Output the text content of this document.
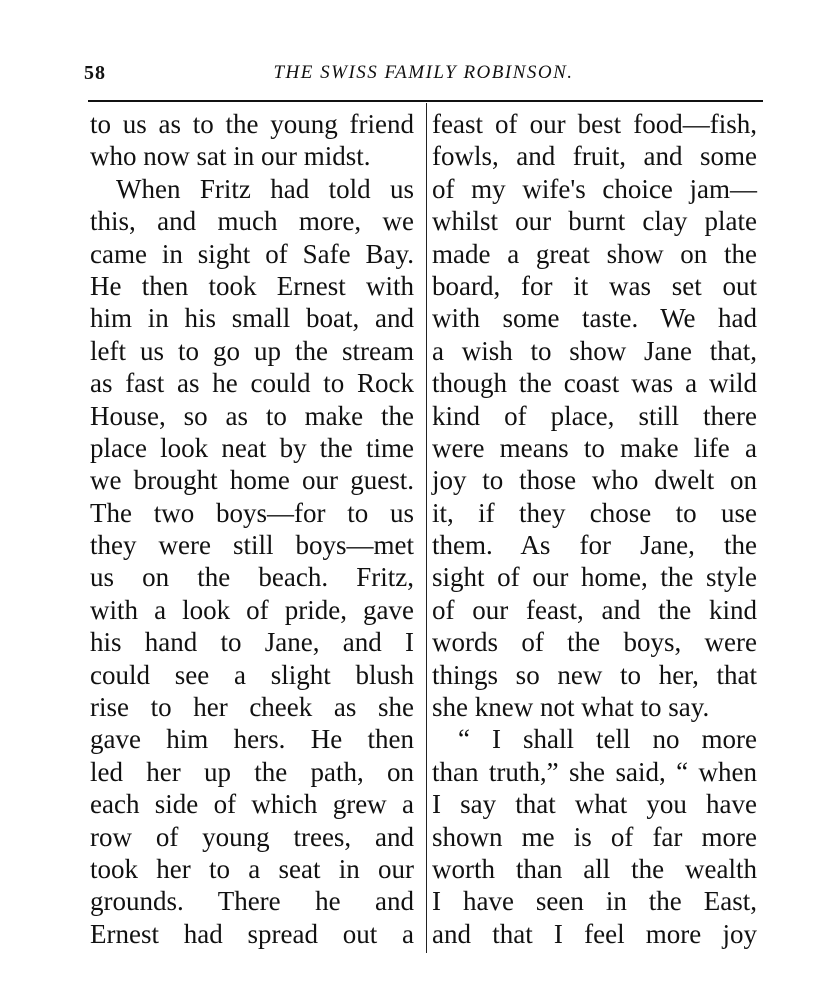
58	THE SWISS FAMILY ROBINSON.
to us as to the young friend
who now sat in our midst.
When Fritz had told us
this, and much more, we
came in sight of Safe Bay.
He then took Ernest with
him in his small boat, and
left us to go up the stream
as fast as he could to Rock
House, so as to make the
place look neat by the time
we brought home our guest.
The two boys—for to us
they were still boys—met
us on the beach. Fritz,
with a look of pride, gave
his hand to Jane, and I
could see a slight blush
rise to her cheek as she
gave him hers. He then
led her up the path, on
each side of which grew a
row of young trees, and
took her to a seat in our
grounds. There he and
Ernest had spread out a
feast of our best food—fish,
fowls, and fruit, and some
of my wife's choice jam—
whilst our burnt clay plate
made a great show on the
board, for it was set out
with some taste. We had
a wish to show Jane that,
though the coast was a wild
kind of place, still there
were means to make life a
joy to those who dwelt on
it, if they chose to use
them. As for Jane, the
sight of our home, the style
of our feast, and the kind
words of the boys, were
things so new to her, that
she knew not what to say.
“ I shall tell no more
than truth,” she said, “ when
I say that what you have
shown me is of far more
worth than all the wealth
I have seen in the East,
and that I feel more joy
